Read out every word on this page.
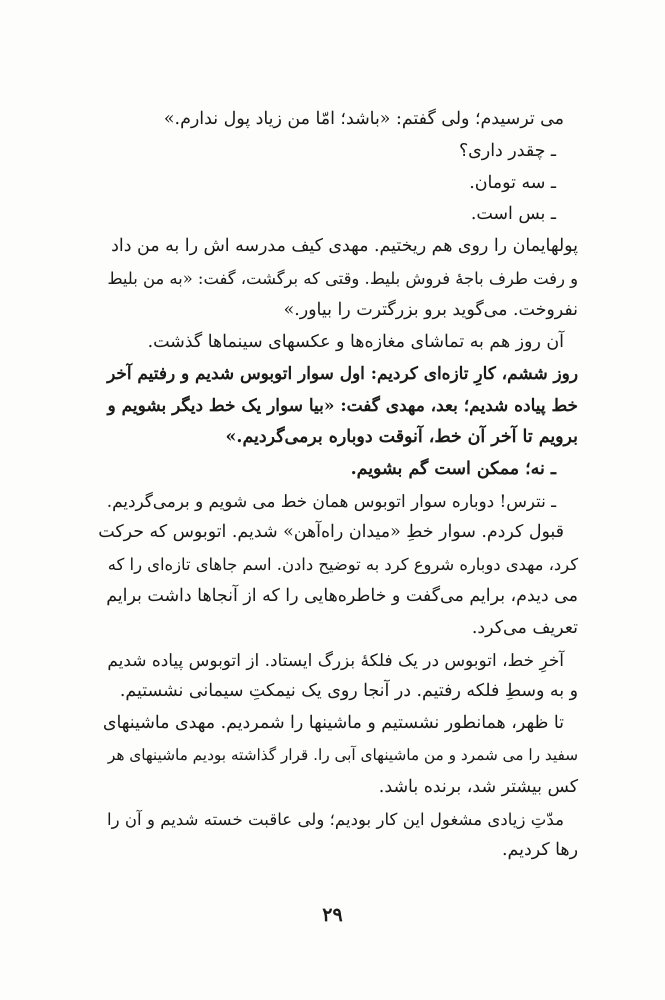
می ترسیدم؛ ولی گفتم: «باشد؛ امّا من زیاد پول ندارم.»
ـ چقدر داری؟
ـ سه تومان.
ـ بس است.
پولهایمان را روی هم ریختیم. مهدی کیف مدرسه اش را به من داد
و رفت طرف باجۀ فروش بلیط. وقتی که برگشت، گفت: «به من بلیط
نفروخت. می‌گوید برو بزرگترت را بیاور.»
آن روز هم به تماشای مغازه‌ها و عکسهای سینماها گذشت.
روز ششم، کارِ تازه‌ای کردیم: اول سوار اتوبوس شدیم و رفتیم آخر
خط پیاده شدیم؛ بعد، مهدی گفت: «بیا سوار یک خط دیگر بشویم و
برویم تا آخر آن خط، آنوقت دوباره برمی‌گردیم.»
ـ نه؛ ممکن است گم بشویم.
ـ نترس! دوباره سوار اتوبوس همان خط می شویم و برمی‌گردیم.
قبول کردم. سوار خطِ «میدان راه‌آهن» شدیم. اتوبوس که حرکت
کرد، مهدی دوباره شروع کرد به توضیح دادن. اسم جاهای تازه‌ای را که
می دیدم، برایم می‌گفت و خاطره‌هایی را که از آنجاها داشت برایم
تعریف می‌کرد.
آخرِ خط، اتوبوس در یک فلکۀ بزرگ ایستاد. از اتوبوس پیاده شدیم
و به وسطِ فلکه رفتیم. در آنجا روی یک نیمکتِ سیمانی نشستیم.
تا ظهر، همانطور نشستیم و ماشینها را شمردیم. مهدی ماشینهای
سفید را می شمرد و من ماشینهای آبی را. قرار گذاشته بودیم ماشینهای هر
کس بیشتر شد، برنده باشد.
مدّتِ زیادی مشغول این کار بودیم؛ ولی عاقبت خسته شدیم و آن را
رها کردیم.
۲۹
